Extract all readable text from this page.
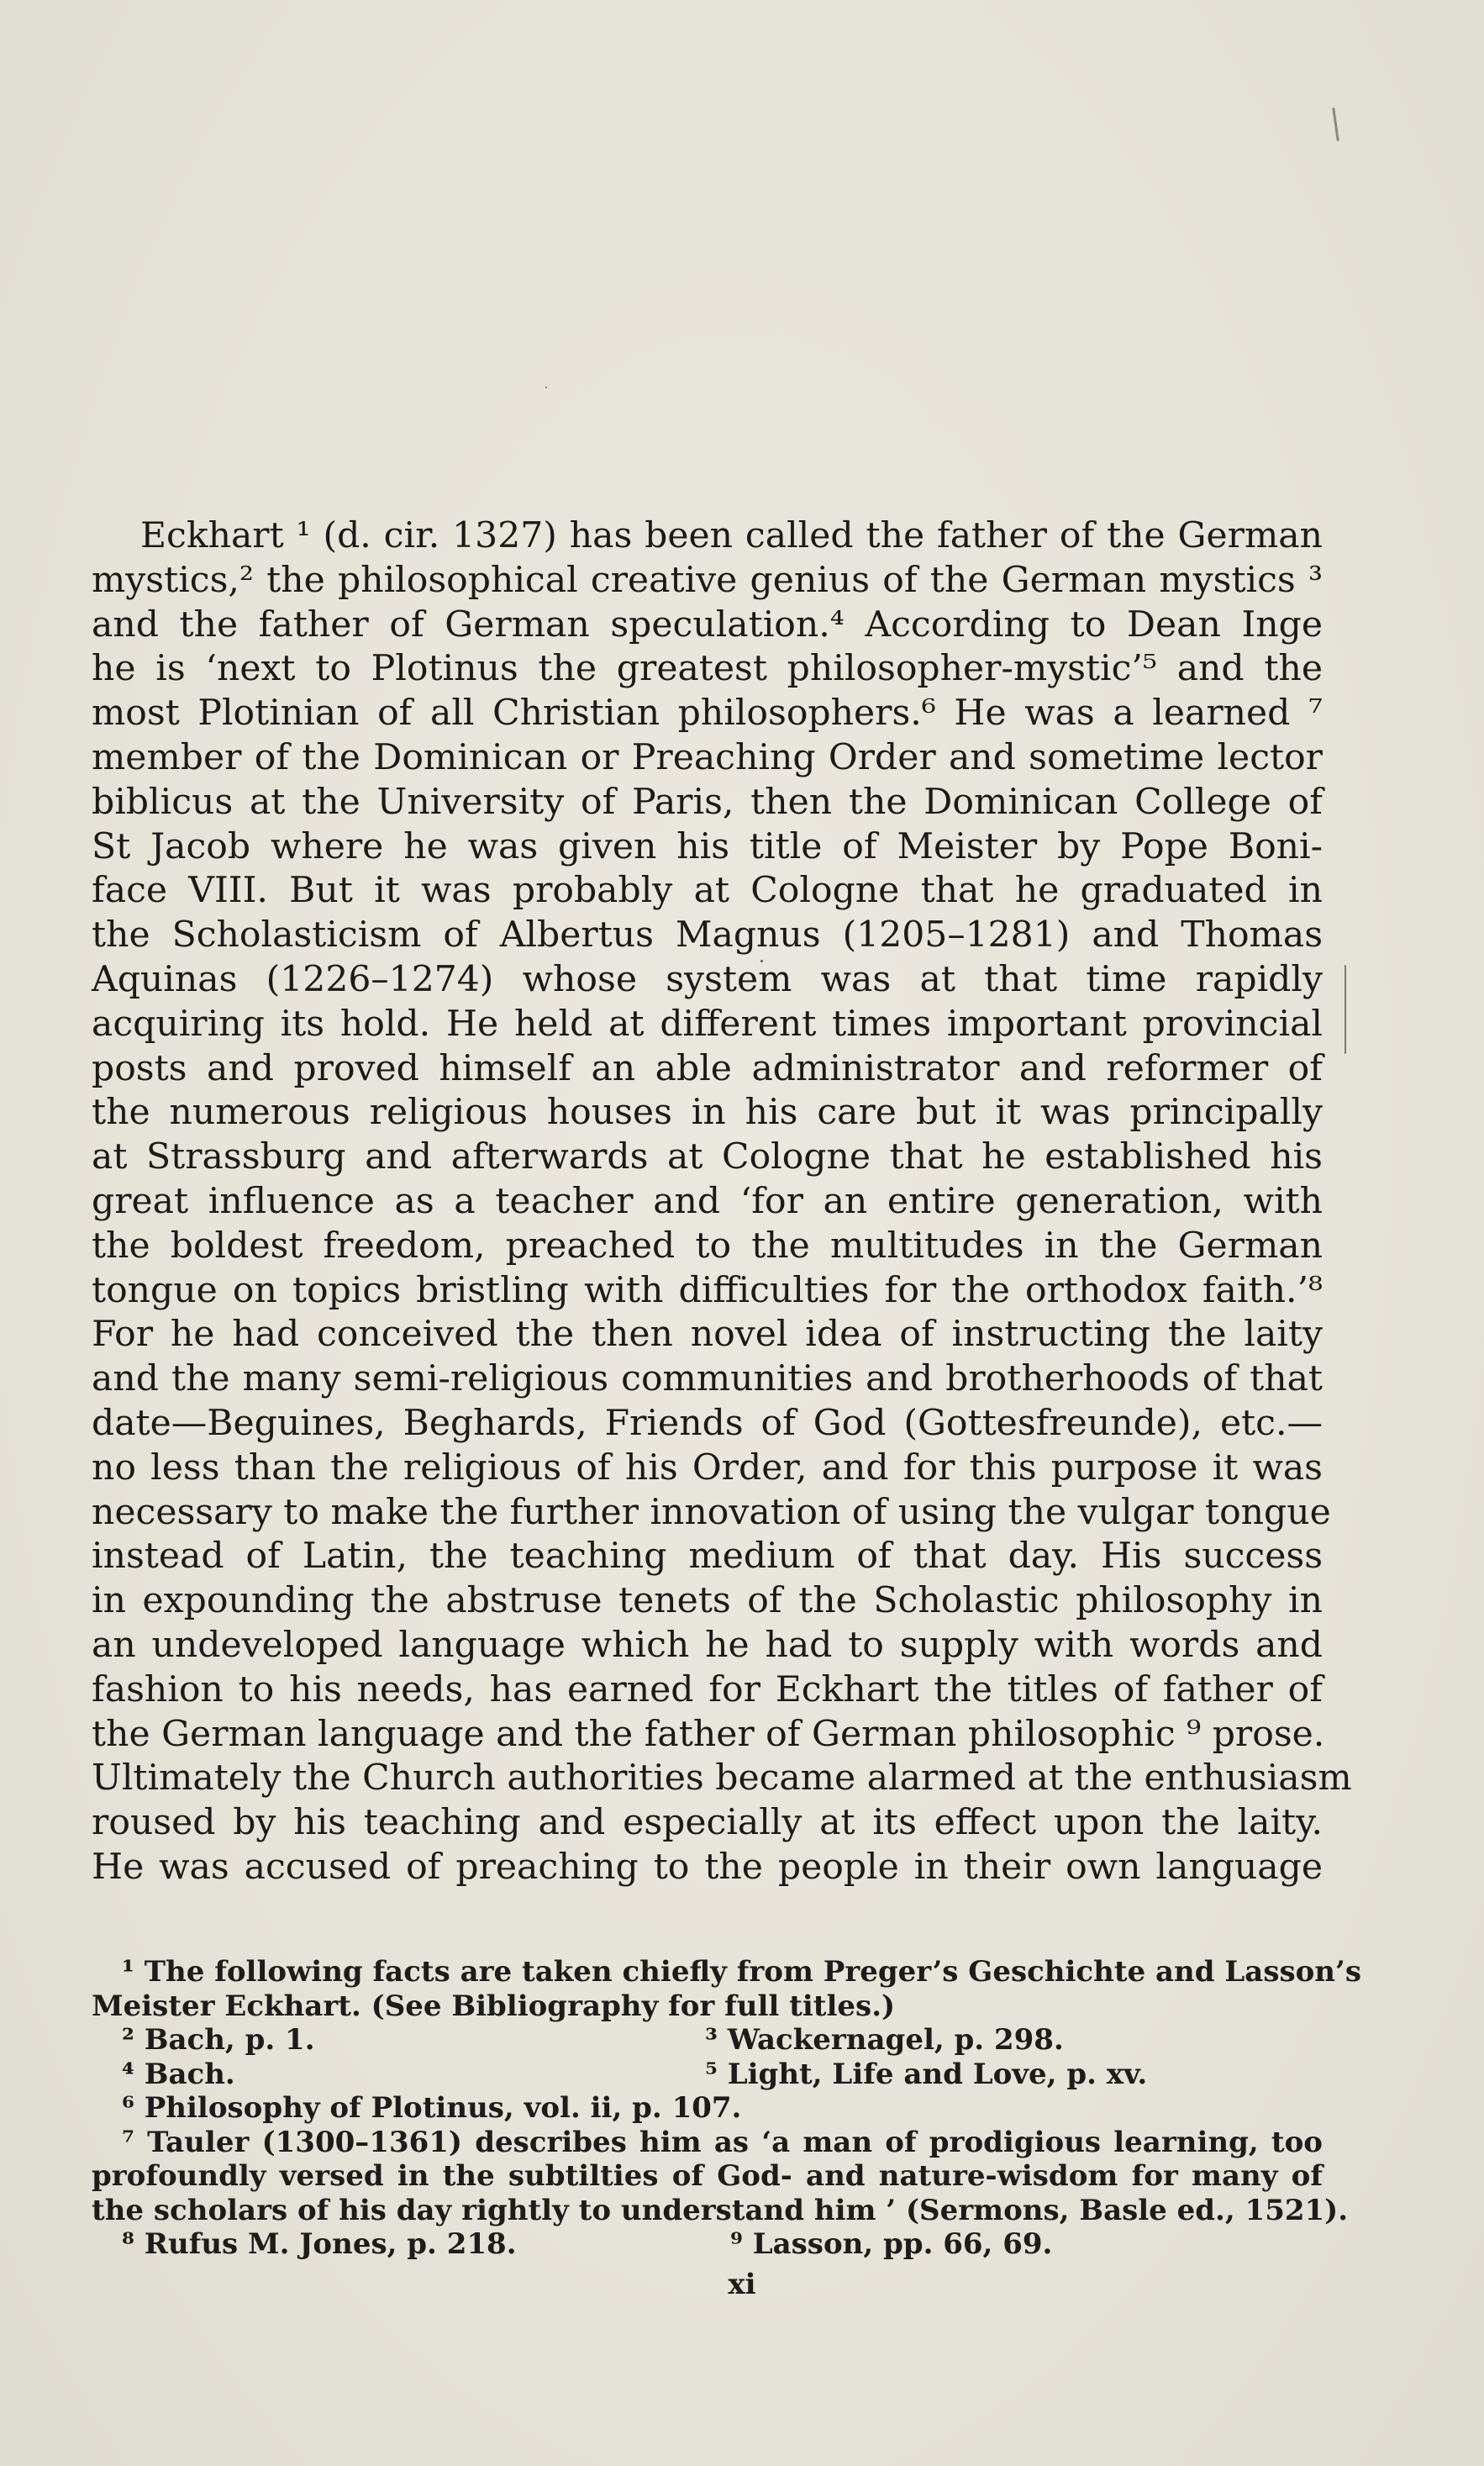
Eckhart ¹ (d. cir. 1327) has been called the father of the German
mystics,² the philosophical creative genius of the German mystics ³
and the father of German speculation.⁴ According to Dean Inge
he is ‘next to Plotinus the greatest philosopher-mystic’⁵ and the
most Plotinian of all Christian philosophers.⁶ He was a learned ⁷
member of the Dominican or Preaching Order and sometime lector
biblicus at the University of Paris, then the Dominican College of
St Jacob where he was given his title of Meister by Pope Boni-
face VIII. But it was probably at Cologne that he graduated in
the Scholasticism of Albertus Magnus (1205–1281) and Thomas
Aquinas (1226–1274) whose system was at that time rapidly
acquiring its hold. He held at different times important provincial
posts and proved himself an able administrator and reformer of
the numerous religious houses in his care but it was principally
at Strassburg and afterwards at Cologne that he established his
great influence as a teacher and ‘for an entire generation, with
the boldest freedom, preached to the multitudes in the German
tongue on topics bristling with difficulties for the orthodox faith.’⁸
For he had conceived the then novel idea of instructing the laity
and the many semi-religious communities and brotherhoods of that
date—Beguines, Beghards, Friends of God (Gottesfreunde), etc.—
no less than the religious of his Order, and for this purpose it was
necessary to make the further innovation of using the vulgar tongue
instead of Latin, the teaching medium of that day. His success
in expounding the abstruse tenets of the Scholastic philosophy in
an undeveloped language which he had to supply with words and
fashion to his needs, has earned for Eckhart the titles of father of
the German language and the father of German philosophic ⁹ prose.
Ultimately the Church authorities became alarmed at the enthusiasm
roused by his teaching and especially at its effect upon the laity.
He was accused of preaching to the people in their own language
¹ The following facts are taken chiefly from Preger’s Geschichte and Lasson’s
Meister Eckhart. (See Bibliography for full titles.)
² Bach, p. 1.	³ Wackernagel, p. 298.
⁴ Bach.	⁵ Light, Life and Love, p. xv.
⁶ Philosophy of Plotinus, vol. ii, p. 107.
⁷ Tauler (1300–1361) describes him as ‘a man of prodigious learning, too
profoundly versed in the subtilties of God- and nature-wisdom for many of
the scholars of his day rightly to understand him ’ (Sermons, Basle ed., 1521).
⁸ Rufus M. Jones, p. 218.	⁹ Lasson, pp. 66, 69.
xi
